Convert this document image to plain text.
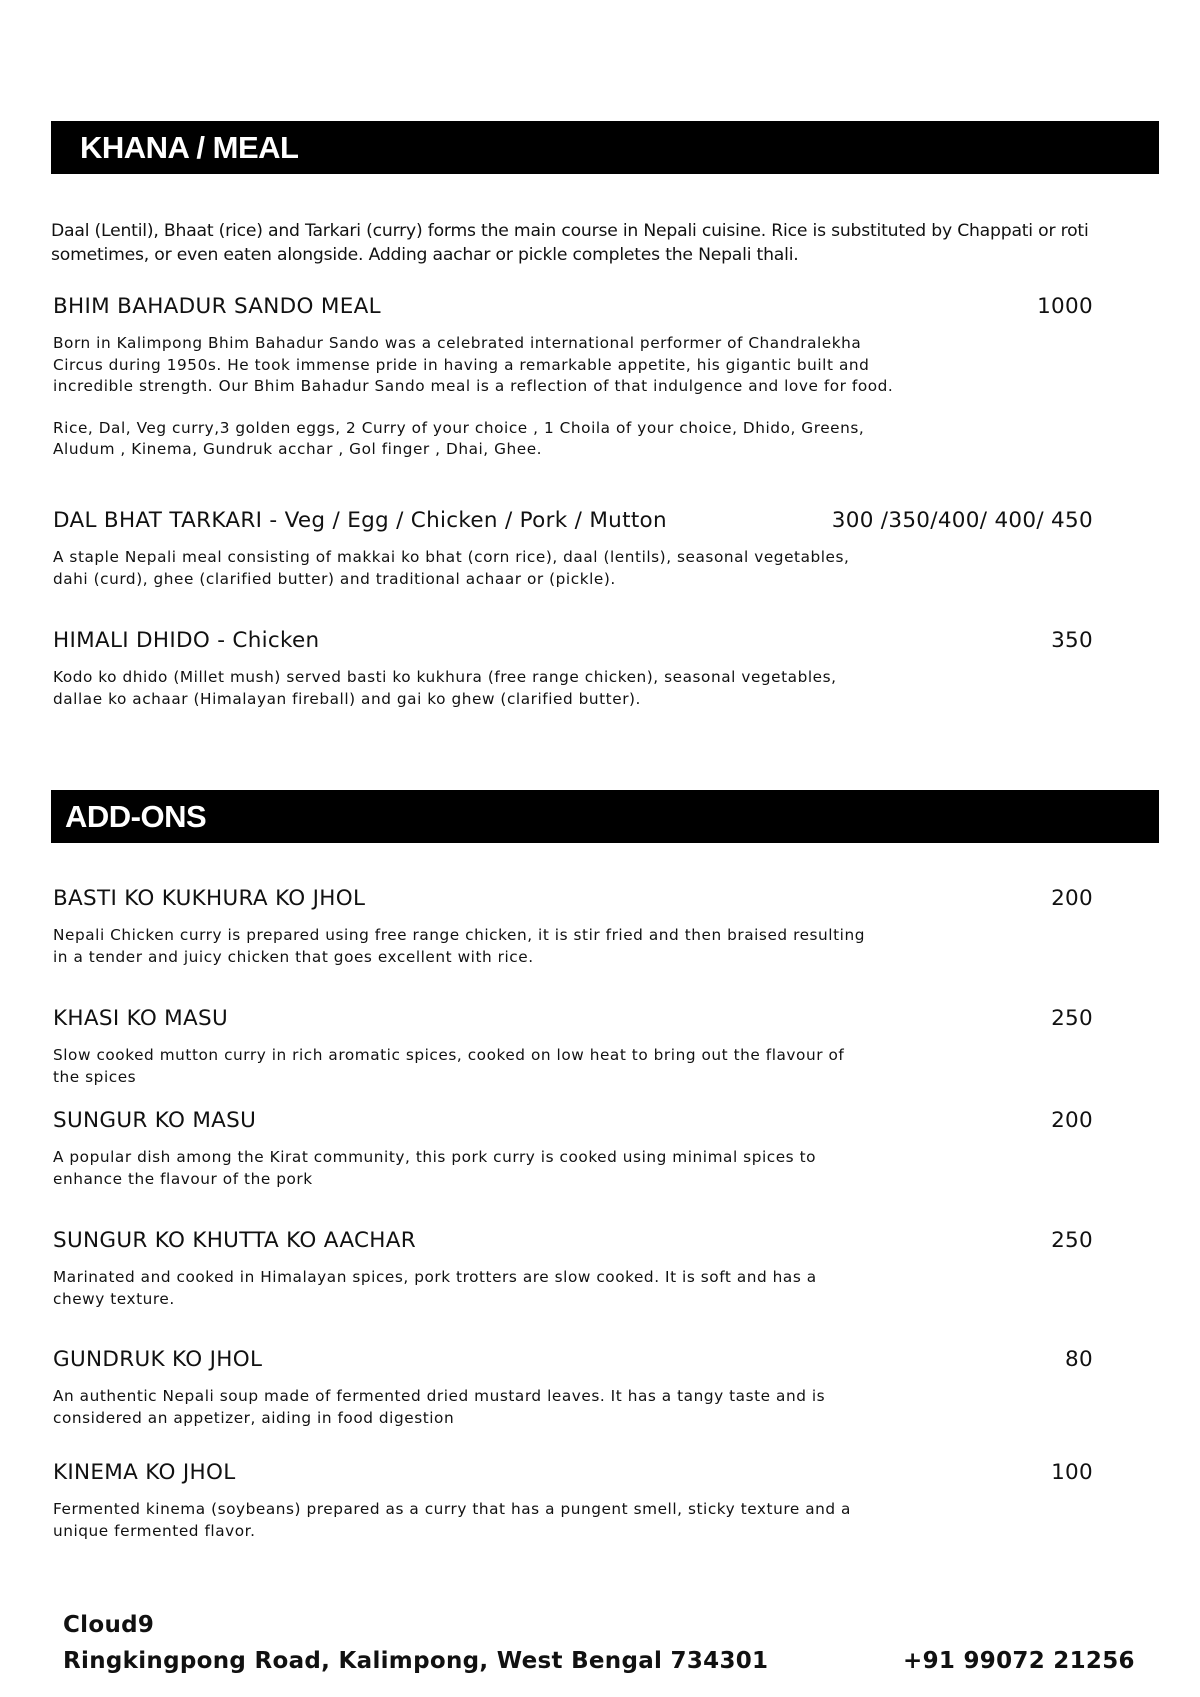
KHANA / MEAL

Daal (Lentil), Bhaat (rice) and Tarkari (curry) forms the main course in Nepali cuisine. Rice is substituted by Chappati or roti sometimes, or even eaten alongside. Adding aachar or pickle completes the Nepali thali.

BHIM BAHADUR SANDO MEAL	1000
Born in Kalimpong Bhim Bahadur Sando was a celebrated international performer of Chandralekha
Circus during 1950s. He took immense pride in having a remarkable appetite, his gigantic built and
incredible strength. Our Bhim Bahadur Sando meal is a reflection of that indulgence and love for food.
Rice, Dal, Veg curry,3 golden eggs, 2 Curry of your choice , 1 Choila of your choice, Dhido, Greens,
Aludum , Kinema, Gundruk acchar , Gol finger , Dhai, Ghee.
DAL BHAT TARKARI - Veg / Egg / Chicken / Pork / Mutton	300 /350/400/ 400/ 450
A staple Nepali meal consisting of makkai ko bhat (corn rice), daal (lentils), seasonal vegetables,
dahi (curd), ghee (clarified butter) and traditional achaar or (pickle).
HIMALI DHIDO - Chicken	350
Kodo ko dhido (Millet mush) served basti ko kukhura (free range chicken), seasonal vegetables,
dallae ko achaar (Himalayan fireball) and gai ko ghew (clarified butter).
ADD-ONS
BASTI KO KUKHURA KO JHOL	200
Nepali Chicken curry is prepared using free range chicken, it is stir fried and then braised resulting
in a tender and juicy chicken that goes excellent with rice.
KHASI KO MASU	250
Slow cooked mutton curry in rich aromatic spices, cooked on low heat to bring out the flavour of
the spices
SUNGUR KO MASU	200
A popular dish among the Kirat community, this pork curry is cooked using minimal spices to
enhance the flavour of the pork
SUNGUR KO KHUTTA KO AACHAR	250
Marinated and cooked in Himalayan spices, pork trotters are slow cooked. It is soft and has a
chewy texture.
GUNDRUK KO JHOL	80
An authentic Nepali soup made of fermented dried mustard leaves. It has a tangy taste and is
considered an appetizer, aiding in food digestion
KINEMA KO JHOL	100
Fermented kinema (soybeans) prepared as a curry that has a pungent smell, sticky texture and a
unique fermented flavor.
Cloud9
Ringkingpong Road, Kalimpong, West Bengal 734301	+91 99072 21256
